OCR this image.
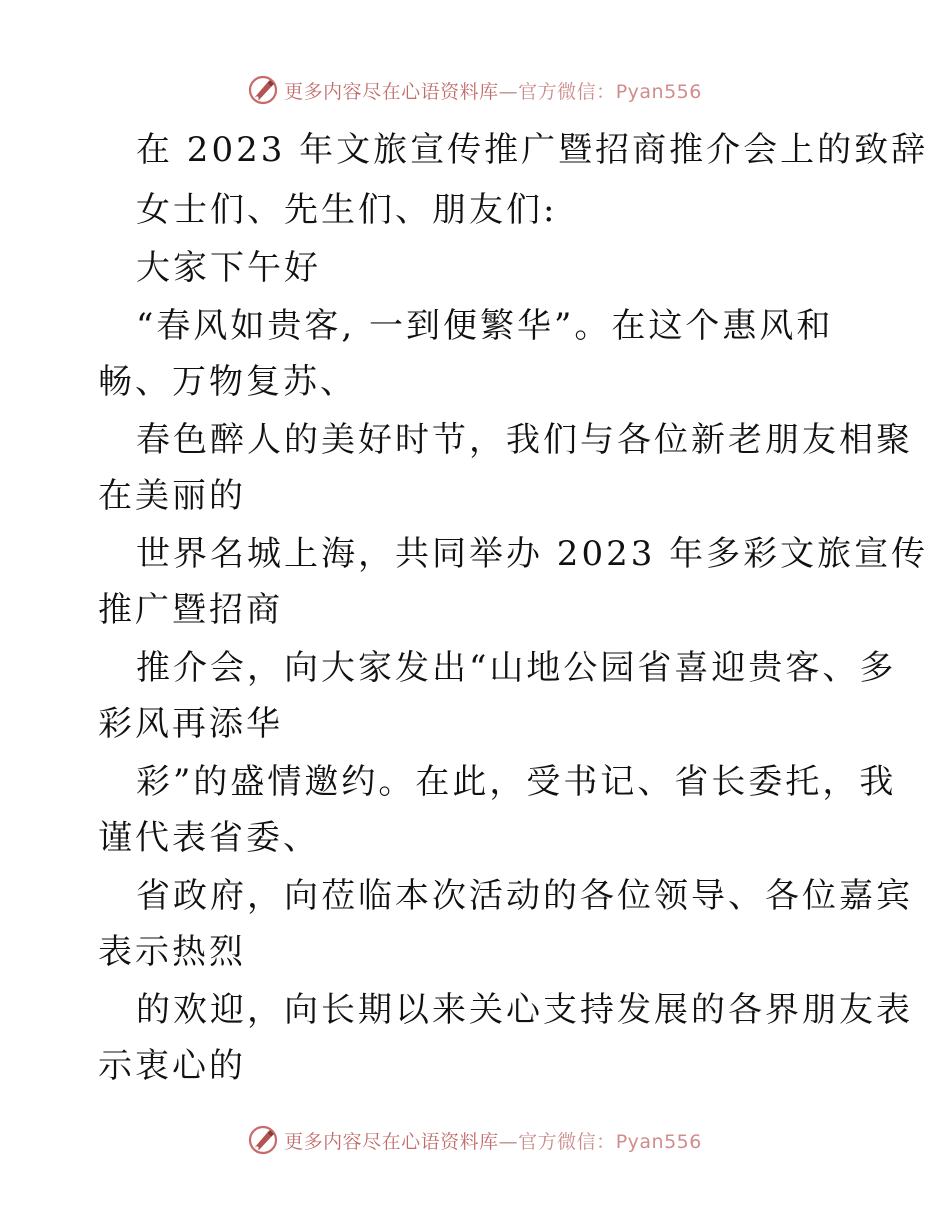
更多内容尽在心语资料库—官方微信：Pyan556
在 2023 年文旅宣传推广暨招商推介会上的致辞
女士们、先生们、朋友们:
大家下午好
“春风如贵客, 一到便繁华”。在这个惠风和
畅、万物复苏、
春色醉人的美好时节，我们与各位新老朋友相聚
在美丽的
世界名城上海，共同举办 2023 年多彩文旅宣传
推广暨招商
推介会，向大家发出“山地公园省喜迎贵客、多
彩风再添华
彩”的盛情邀约。在此，受书记、省长委托，我
谨代表省委、
省政府，向莅临本次活动的各位领导、各位嘉宾
表示热烈
的欢迎，向长期以来关心支持发展的各界朋友表
示衷心的
更多内容尽在心语资料库—官方微信：Pyan556
